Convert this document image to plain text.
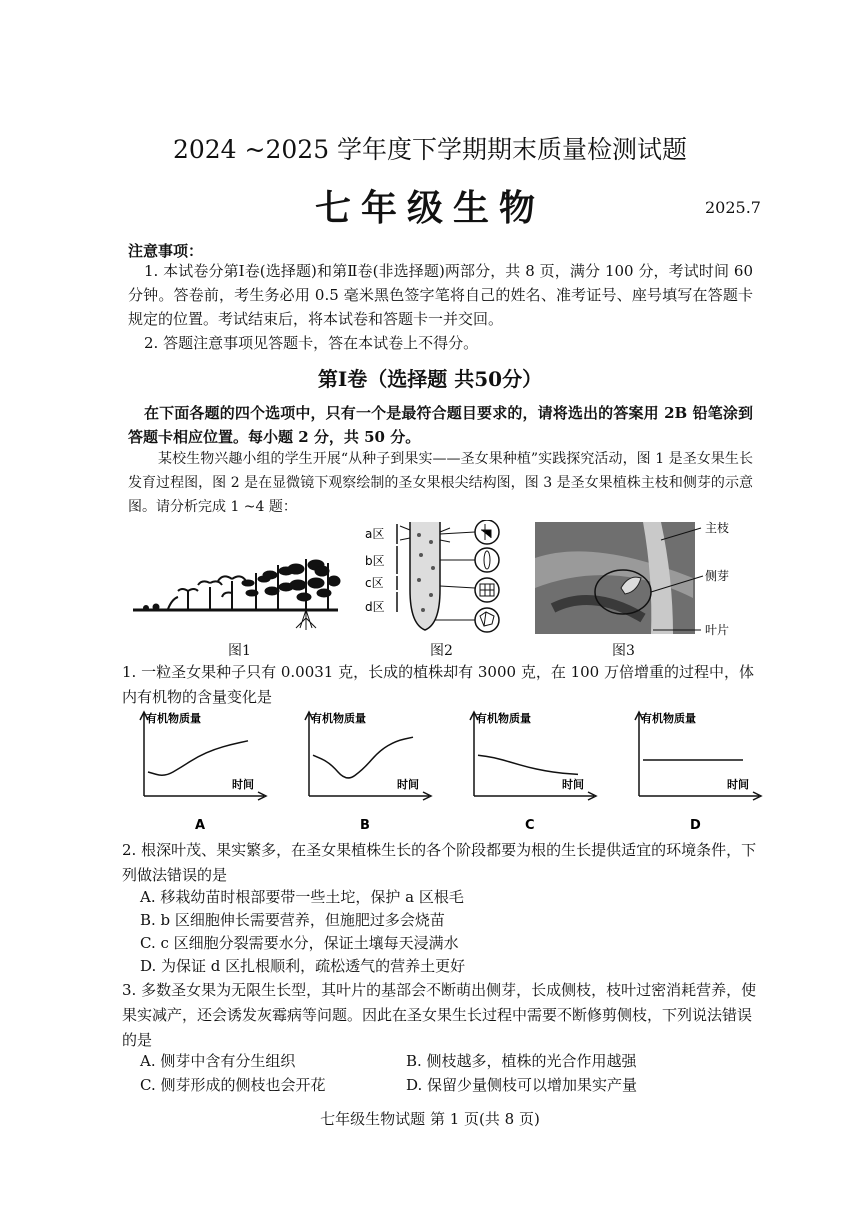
2024 ~2025 学年度下学期期末质量检测试题
七年级生物	2025.7
注意事项：
1. 本试卷分第Ⅰ卷(选择题)和第Ⅱ卷(非选择题)两部分，共 8 页，满分 100 分，考试时间 60 分钟。答卷前，考生务必用 0.5 毫米黑色签字笔将自己的姓名、准考证号、座号填写在答题卡规定的位置。考试结束后，将本试卷和答题卡一并交回。
2. 答题注意事项见答题卡，答在本试卷上不得分。
第Ⅰ卷（选择题 共50分）
在下面各题的四个选项中，只有一个是最符合题目要求的，请将选出的答案用 2B 铅笔涂到答题卡相应位置。每小题 2 分，共 50 分。
某校生物兴趣小组的学生开展“从种子到果实——圣女果种植”实践探究活动，图 1 是圣女果生长发育过程图，图 2 是在显微镜下观察绘制的圣女果根尖结构图，图 3 是圣女果植株主枝和侧芽的示意图。请分析完成 1 ~4 题：
图1
a区
b区
c区
d区
图2
主枝
侧芽
叶片
图3
1. 一粒圣女果种子只有 0.0031 克，长成的植株却有 3000 克，在 100 万倍增重的过程中，体内有机物的含量变化是
有机物质量
时间
A
有机物质量
时间
B
有机物质量
时间
C
有机物质量
时间
D
2. 根深叶茂、果实繁多，在圣女果植株生长的各个阶段都要为根的生长提供适宜的环境条件，下列做法错误的是
A. 移栽幼苗时根部要带一些土坨，保护 a 区根毛
B. b 区细胞伸长需要营养，但施肥过多会烧苗
C. c 区细胞分裂需要水分，保证土壤每天浸满水
D. 为保证 d 区扎根顺利，疏松透气的营养土更好
3. 多数圣女果为无限生长型，其叶片的基部会不断萌出侧芽，长成侧枝，枝叶过密消耗营养，使果实减产，还会诱发灰霉病等问题。因此在圣女果生长过程中需要不断修剪侧枝，下列说法错误的是
A. 侧芽中含有分生组织	B. 侧枝越多，植株的光合作用越强
C. 侧芽形成的侧枝也会开花	D. 保留少量侧枝可以增加果实产量
七年级生物试题 第 1 页(共 8 页)
